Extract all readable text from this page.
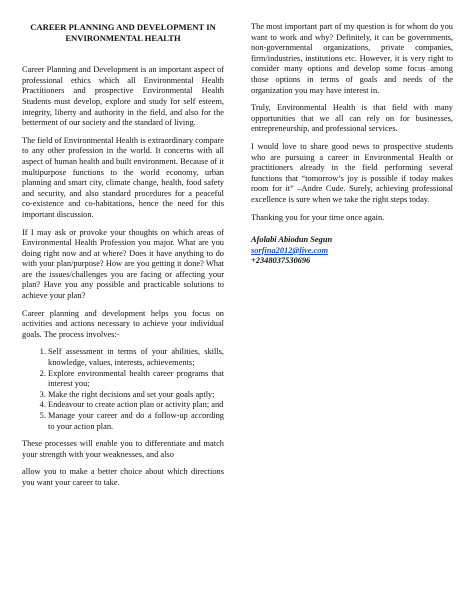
CAREER PLANNING AND DEVELOPMENT IN ENVIRONMENTAL HEALTH

Career Planning and Development is an important aspect of professional ethics which all Environmental Health Practitioners and prospective Environmental Health Students must develop, explore and study for self esteem, integrity, liberty and authority in the field, and also for the betterment of our society and the standard of living.

The field of Environmental Health is extraordinary compare to any other profession in the world. It concerns with all aspect of human health and built environment. Because of it multipurpose functions to the world economy, urban planning and smart city, climate change, health, food safety and security, and also standard procedures for a peaceful co-existence and co-habitations, hence the need for this important discussion.

If I may ask or provoke your thoughts on which areas of Environmental Health Profession you major. What are you doing right now and at where? Does it have anything to do with your plan/purpose? How are you getting it done? What are the issues/challenges you are facing or affecting your plan? Have you any possible and practicable solutions to achieve your plan?

Career planning and development helps you focus on activities and actions necessary to achieve your individual goals. The process involves:-

1. Self assessment in terms of your abilities, skills, knowledge, values, interests, achievements;
2. Explore environmental health career programs that interest you;
3. Make the right decisions and set your goals aptly;
4. Endeavour to create action plan or activity plan; and
5. Manage your career and do a follow-up according to your action plan.

These processes will enable you to differentiate and match your strength with your weaknesses, and also

allow you to make a better choice about which directions you want your career to take.

The most important part of my question is for whom do you want to work and why? Definitely, it can be governments, non-governmental organizations, private companies, firm/industries, institutions etc. However, it is very right to consider many options and develop some focus among those options in terms of goals and needs of the organization you may have interest in.

Truly, Environmental Health is that field with many opportunities that we all can rely on for businesses, entrepreneurship, and professional services.

I would love to share good news to prospective students who are pursuing a career in Environmental Health or practitioners already in the field performing several functions that “tomorrow’s joy is possible if today makes room for it” –Andre Cude. Surely, achieving professional excellence is sure when we take the right steps today.

Thanking you for your time once again.

Afolabi Abiodun Segun
sorfina2012@live.com
+2348037530696
